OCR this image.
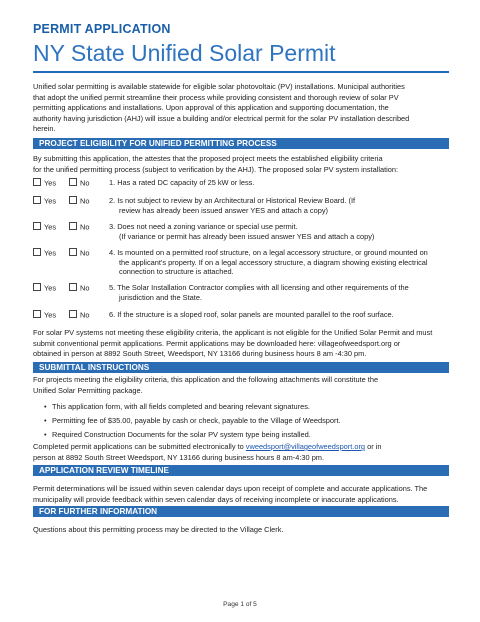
PERMIT APPLICATION
NY State Unified Solar Permit
Unified solar permitting is available statewide for eligible solar photovoltaic (PV) installations. Municipal authorities
that adopt the unified permit streamline their process while providing consistent and thorough review of solar PV
permitting applications and installations. Upon approval of this application and supporting documentation, the
authority having jurisdiction (AHJ) will issue a building and/or electrical permit for the solar PV installation described
herein.
PROJECT ELIGIBILITY FOR UNIFIED PERMITTING PROCESS
By submitting this application, the attestes that the proposed project meets the established eligibility criteria
for the unified permitting process (subject to verification by the AHJ). The proposed solar PV system installation:
Yes	No	1. Has a rated DC capacity of 25 kW or less.
Yes	No	2. Is not subject to review by an Architectural or Historical Review Board. (If
review has already been issued answer YES and attach a copy)
Yes	No	3. Does not need a zoning variance or special use permit.
(If variance or permit has already been issued answer YES and attach a copy)
Yes	No	4. Is mounted on a permitted roof structure, on a legal accessory structure, or ground mounted on
the applicant's property. If on a legal accessory structure, a diagram showing existing electrical
connection to structure is attached.
Yes	No	5. The Solar Installation Contractor complies with all licensing and other requirements of the
jurisdiction and the State.
Yes	No	6. If the structure is a sloped roof, solar panels are mounted parallel to the roof surface.
For solar PV systems not meeting these eligibility criteria, the applicant is not eligible for the Unified Solar Permit and must
submit conventional permit applications. Permit applications may be downloaded here: villageofweedsport.org or
obtained in person at 8892 South Street, Weedsport, NY 13166 during business hours 8 am -4:30 pm.
SUBMITTAL INSTRUCTIONS
For projects meeting the eligibility criteria, this application and the following attachments will constitute the
Unified Solar Permitting package.
• This application form, with all fields completed and bearing relevant signatures.
• Permitting fee of $35.00, payable by cash or check, payable to the Village of Weedsport.
• Required Construction Documents for the solar PV system type being installed.
Completed permit applications can be submitted electronically to vweedsport@villageofweedsport.org or in
person at 8892 South Street Weedsport, NY 13166 during business hours 8 am-4:30 pm.
APPLICATION REVIEW TIMELINE
Permit determinations will be issued within seven calendar days upon receipt of complete and accurate applications. The
municipality will provide feedback within seven calendar days of receiving incomplete or inaccurate applications.
FOR FURTHER INFORMATION
Questions about this permitting process may be directed to the Village Clerk.
Page 1 of 5
